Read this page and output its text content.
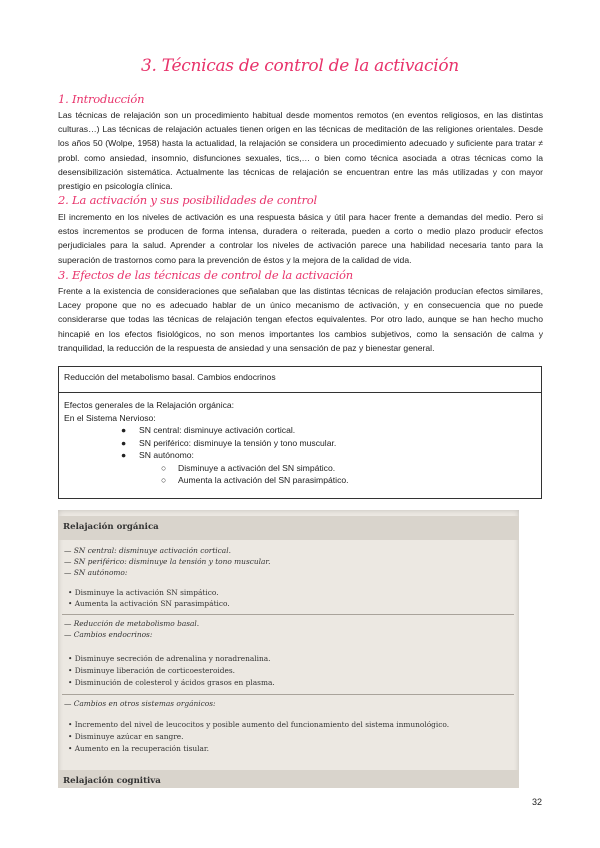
3. Técnicas de control de la activación
1. Introducción
Las técnicas de relajación son un procedimiento habitual desde momentos remotos (en eventos religiosos, en las distintas culturas…) Las técnicas de relajación actuales tienen origen en las técnicas de meditación de las religiones orientales. Desde los años 50 (Wolpe, 1958) hasta la actualidad, la relajación se considera un procedimiento adecuado y suficiente para tratar ≠ probl. como ansiedad, insomnio, disfunciones sexuales, tics,… o bien como técnica asociada a otras técnicas como la desensibilización sistemática. Actualmente las técnicas de relajación se encuentran entre las más utilizadas y con mayor prestigio en psicología clínica.
2. La activación y sus posibilidades de control
El incremento en los niveles de activación es una respuesta básica y útil para hacer frente a demandas del medio. Pero si estos incrementos se producen de forma intensa, duradera o reiterada, pueden a corto o medio plazo producir efectos perjudiciales para la salud. Aprender a controlar los niveles de activación parece una habilidad necesaria tanto para la superación de trastornos como para la prevención de éstos y la mejora de la calidad de vida.
3. Efectos de las técnicas de control de la activación
Frente a la existencia de consideraciones que señalaban que las distintas técnicas de relajación producían efectos similares, Lacey propone que no es adecuado hablar de un único mecanismo de activación, y en consecuencia que no puede considerarse que todas las técnicas de relajación tengan efectos equivalentes. Por otro lado, aunque se han hecho mucho hincapié en los efectos fisiológicos, no son menos importantes los cambios subjetivos, como la sensación de calma y tranquilidad, la reducción de la respuesta de ansiedad y una sensación de paz y bienestar general.
Reducción del metabolismo basal. Cambios endocrinos
Efectos generales de la Relajación orgánica:
En el Sistema Nervioso:
● SN central: disminuye activación cortical.
● SN periférico: disminuye la tensión y tono muscular.
● SN autónomo:
○ Disminuye a activación del SN simpático.
○ Aumenta la activación del SN parasimpático.
Relajación orgánica
— SN central: disminuye activación cortical.
— SN periférico: disminuye la tensión y tono muscular.
— SN autónomo:
• Disminuye la activación SN simpático.
• Aumenta la activación SN parasimpático.
— Reducción de metabolismo basal.
— Cambios endocrinos:
• Disminuye secreción de adrenalina y noradrenalina.
• Disminuye liberación de corticoesteroides.
• Disminución de colesterol y ácidos grasos en plasma.
— Cambios en otros sistemas orgánicos:
• Incremento del nivel de leucocitos y posible aumento del funcionamiento del sistema inmunológico.
• Disminuye azúcar en sangre.
• Aumento en la recuperación tisular.
Relajación cognitiva
32
